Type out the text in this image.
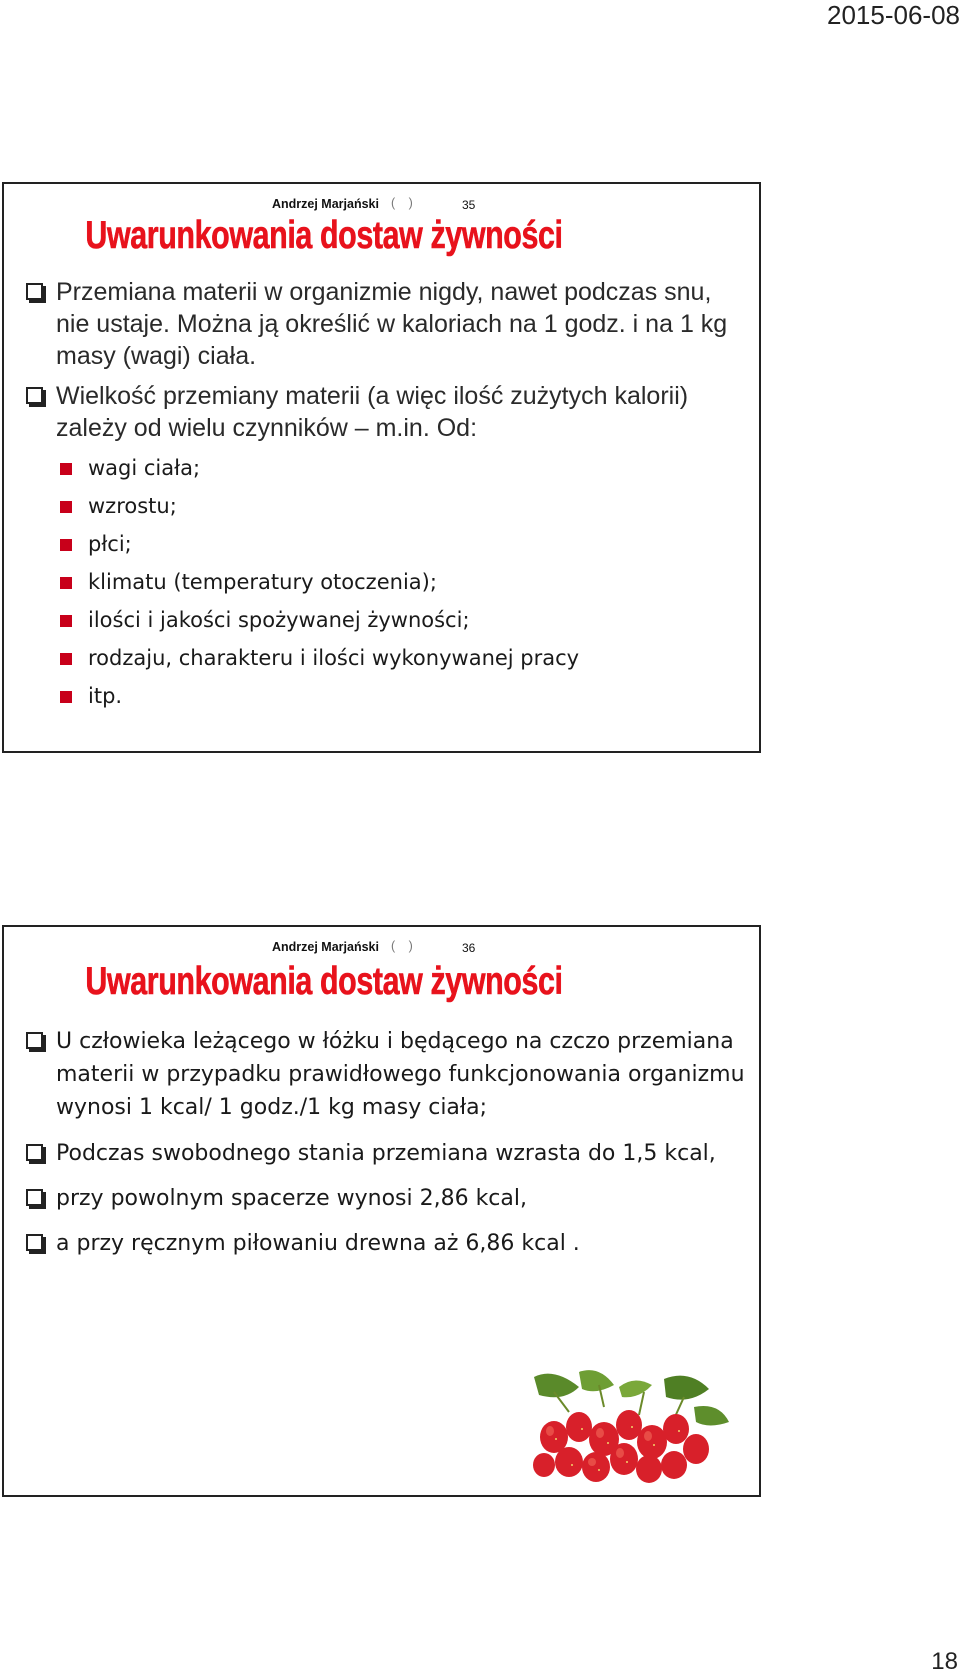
2015-06-08
Andrzej Marjański ( )	35
Uwarunkowania dostaw żywności
Przemiana materii w organizmie nigdy, nawet podczas snu, nie ustaje. Można ją określić w kaloriach na 1 godz. i na 1 kg masy (wagi) ciała.
Wielkość przemiany materii (a więc ilość zużytych kalorii) zależy od wielu czynników – m.in. Od:
wagi ciała;
wzrostu;
płci;
klimatu (temperatury otoczenia);
ilości i jakości spożywanej żywności;
rodzaju, charakteru i ilości wykonywanej pracy
itp.
Andrzej Marjański ( )	36
Uwarunkowania dostaw żywności
U człowieka leżącego w łóżku i będącego na czczo przemiana materii w przypadku prawidłowego funkcjonowania organizmu wynosi 1 kcal/ 1 godz./1 kg masy ciała;
Podczas swobodnego stania przemiana wzrasta do 1,5 kcal,
przy powolnym spacerze wynosi 2,86 kcal,
a przy ręcznym piłowaniu drewna aż 6,86 kcal .
18
